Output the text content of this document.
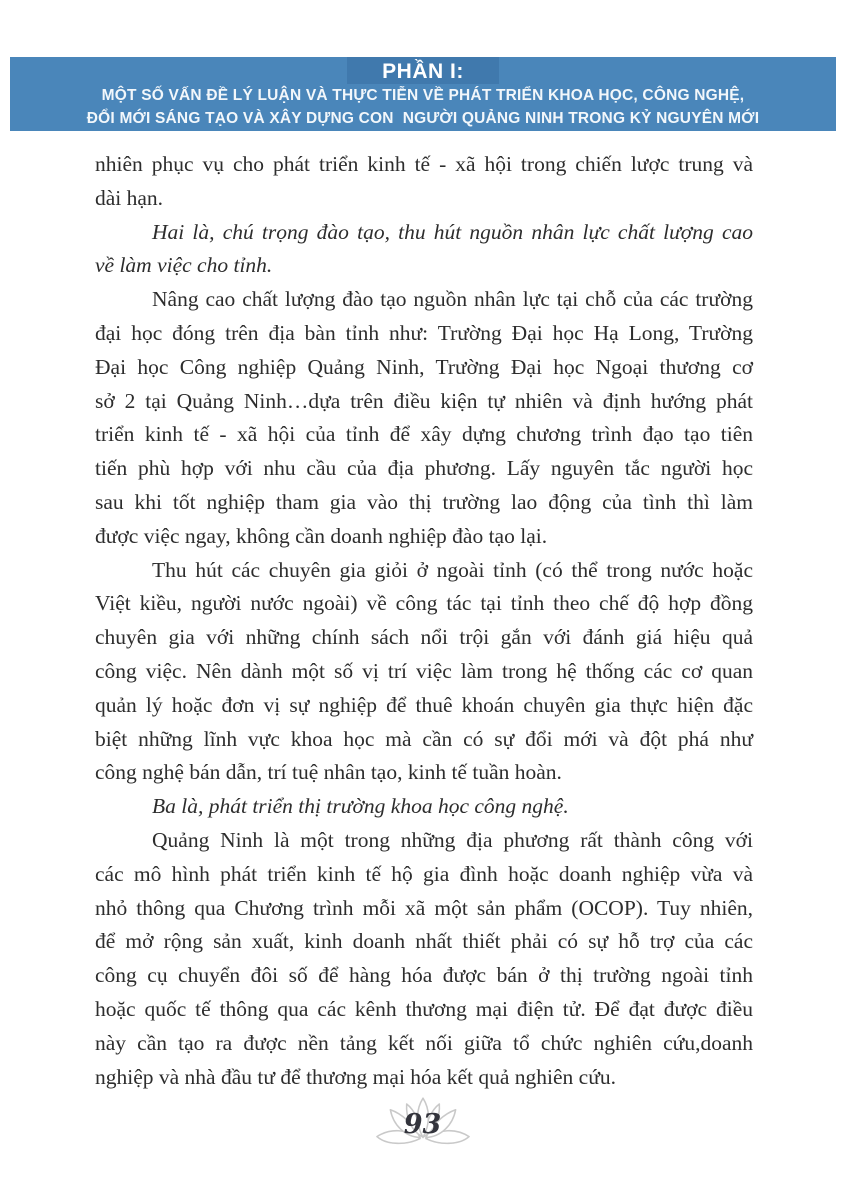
PHẦN I:
MỘT SỐ VẤN ĐỀ LÝ LUẬN VÀ THỰC TIỄN VỀ PHÁT TRIỂN KHOA HỌC, CÔNG NGHỆ,
ĐỔI MỚI SÁNG TẠO VÀ XÂY DỰNG CON  NGƯỜI QUẢNG NINH TRONG KỶ NGUYÊN MỚI
nhiên phục vụ cho phát triển kinh tế - xã hội trong chiến lược trung và
dài hạn.
Hai là, chú trọng đào tạo, thu hút nguồn nhân lực chất lượng cao
về làm việc cho tỉnh.
Nâng cao chất lượng đào tạo nguồn nhân lực tại chỗ của các trường
đại học đóng trên địa bàn tỉnh như: Trường Đại học Hạ Long, Trường
Đại học Công nghiệp Quảng Ninh, Trường Đại học Ngoại thương cơ
sở 2 tại Quảng Ninh…dựa trên điều kiện tự nhiên và định hướng phát
triển kinh tế - xã hội của tỉnh để xây dựng chương trình đạo tạo tiên
tiến phù hợp với nhu cầu của địa phương. Lấy nguyên tắc người học
sau khi tốt nghiệp tham gia vào thị trường lao động của tình thì làm
được việc ngay, không cần doanh nghiệp đào tạo lại.
Thu hút các chuyên gia giỏi ở ngoài tỉnh (có thể trong nước hoặc
Việt kiều, người nước ngoài) về công tác tại tỉnh theo chế độ hợp đồng
chuyên gia với những chính sách nổi trội gắn với đánh giá hiệu quả
công việc. Nên dành một số vị trí việc làm trong hệ thống các cơ quan
quản lý hoặc đơn vị sự nghiệp để thuê khoán chuyên gia thực hiện đặc
biệt những lĩnh vực khoa học mà cần có sự đổi mới và đột phá như
công nghệ bán dẫn, trí tuệ nhân tạo, kinh tế tuần hoàn.
Ba là, phát triển thị trường khoa học công nghệ.
Quảng Ninh là một trong những địa phương rất thành công với
các mô hình phát triển kinh tế hộ gia đình hoặc doanh nghiệp vừa và
nhỏ thông qua Chương trình mỗi xã một sản phẩm (OCOP). Tuy nhiên,
để mở rộng sản xuất, kinh doanh nhất thiết phải có sự hỗ trợ của các
công cụ chuyển đôi số để hàng hóa được bán ở thị trường ngoài tỉnh
hoặc quốc tế thông qua các kênh thương mại điện tử. Để đạt được điều
này cần tạo ra được nền tảng kết nối giữa tổ chức nghiên cứu,doanh
nghiệp và nhà đầu tư để thương mại hóa kết quả nghiên cứu.
93
